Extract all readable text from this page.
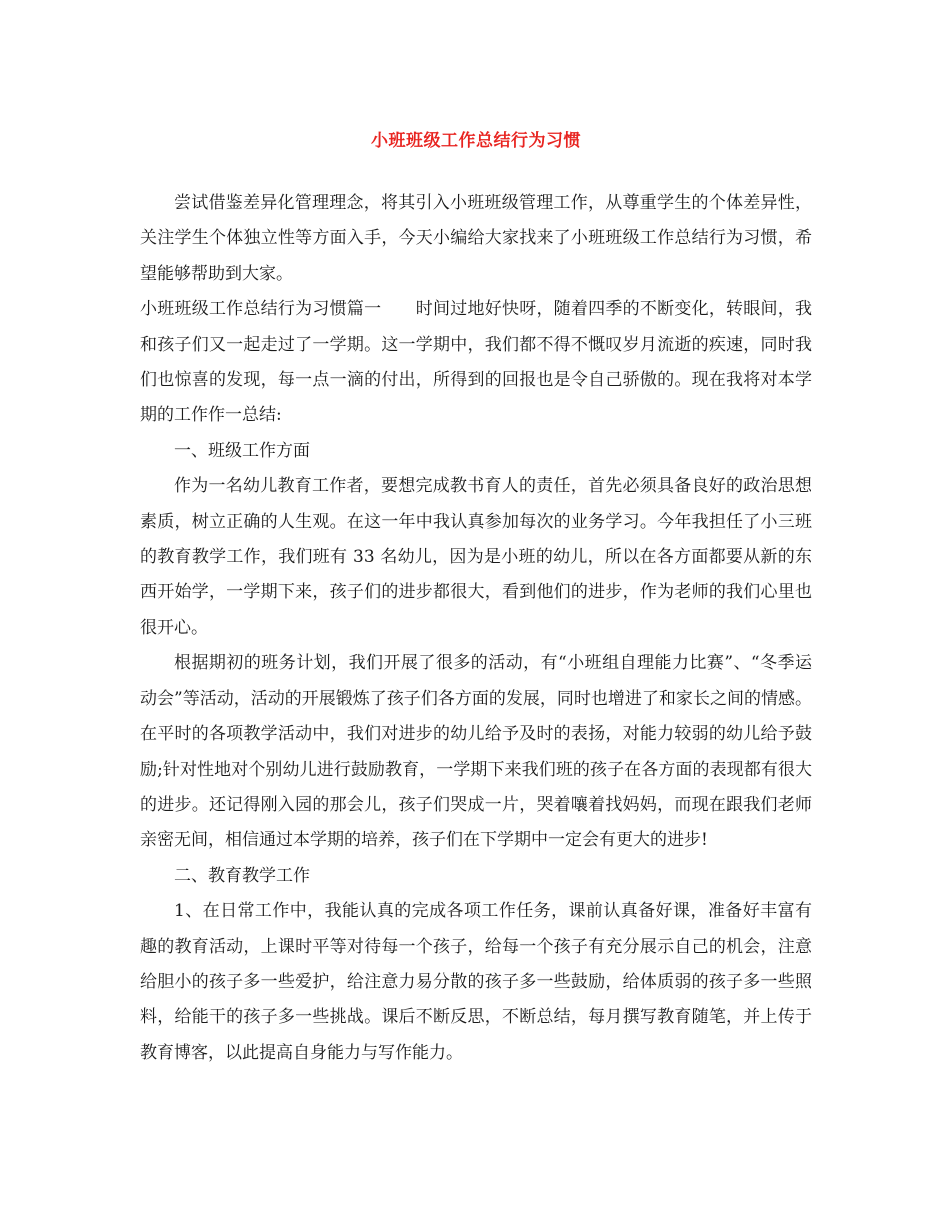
小班班级工作总结行为习惯

尝试借鉴差异化管理理念，将其引入小班班级管理工作，从尊重学生的个体差异性，关注学生个体独立性等方面入手，今天小编给大家找来了小班班级工作总结行为习惯，希望能够帮助到大家。

小班班级工作总结行为习惯篇一　　时间过地好快呀，随着四季的不断变化，转眼间，我和孩子们又一起走过了一学期。这一学期中，我们都不得不慨叹岁月流逝的疾速，同时我们也惊喜的发现，每一点一滴的付出，所得到的回报也是令自己骄傲的。现在我将对本学期的工作作一总结:

一、班级工作方面

作为一名幼儿教育工作者，要想完成教书育人的责任，首先必须具备良好的政治思想素质，树立正确的人生观。在这一年中我认真参加每次的业务学习。今年我担任了小三班的教育教学工作，我们班有 33 名幼儿，因为是小班的幼儿，所以在各方面都要从新的东西开始学，一学期下来，孩子们的进步都很大，看到他们的进步，作为老师的我们心里也很开心。

根据期初的班务计划，我们开展了很多的活动，有“小班组自理能力比赛”、“冬季运动会”等活动，活动的开展锻炼了孩子们各方面的发展，同时也增进了和家长之间的情感。在平时的各项教学活动中，我们对进步的幼儿给予及时的表扬，对能力较弱的幼儿给予鼓励;针对性地对个别幼儿进行鼓励教育，一学期下来我们班的孩子在各方面的表现都有很大的进步。还记得刚入园的那会儿，孩子们哭成一片，哭着嚷着找妈妈，而现在跟我们老师亲密无间，相信通过本学期的培养，孩子们在下学期中一定会有更大的进步!

二、教育教学工作

1、在日常工作中，我能认真的完成各项工作任务，课前认真备好课，准备好丰富有趣的教育活动，上课时平等对待每一个孩子，给每一个孩子有充分展示自己的机会，注意给胆小的孩子多一些爱护，给注意力易分散的孩子多一些鼓励，给体质弱的孩子多一些照料，给能干的孩子多一些挑战。课后不断反思，不断总结，每月撰写教育随笔，并上传于教育博客，以此提高自身能力与写作能力。
